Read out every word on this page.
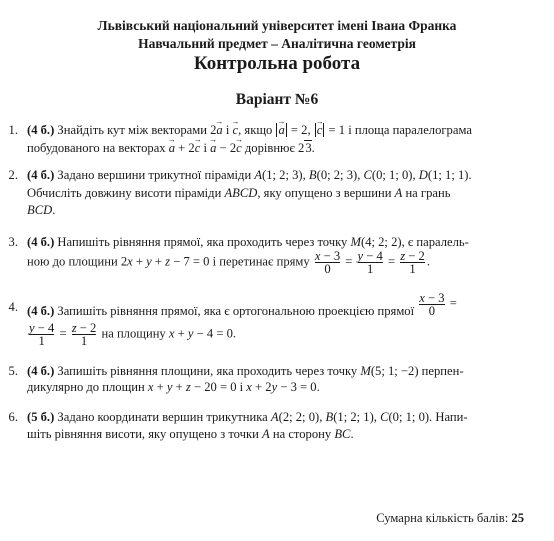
Львівський національний університет імені Івана Франка
Навчальний предмет – Аналітична геометрія
Контрольна робота
Варіант №6
1. (4 б.) Знайдіть кут між векторами 2→ a і → c, якщо → a = 2, → c = 1 і площа паралелограма
побудованого на векторах → a + 2→ c і → a − 2→ c дорівнює 23.
2. (4 б.) Задано вершини трикутної піраміди A(1; 2; 3), B(0; 2; 3), C(0; 1; 0), D(1; 1; 1).
Обчисліть довжину висоти піраміди ABCD, яку опущено з вершини A на грань
BCD.
3. (4 б.) Напишіть рівняння прямої, яка проходить через точку M(4; 2; 2), є паралель-
ною до площини 2x + y + z − 7 = 0 і перетинає пряму $\frac{x - 3}{0} = \frac{y - 4}{1} = \frac{z - 2}{1}$ .
4. (4 б.) Запишіть рівняння прямої, яка є ортогональною проекцією прямої $\frac{x - 3}{0}$ =
$\frac{y - 4}{1} = \frac{z - 2}{1}$ на площину x + y − 4 = 0.
5. (4 б.) Запишіть рівняння площини, яка проходить через точку M(5; 1; −2) перпен-
дикулярно до площин x + y + z − 20 = 0 і x + 2y − 3 = 0.
6. (5 б.) Задано координати вершин трикутника A(2; 2; 0), B(1; 2; 1), C(0; 1; 0). Напи-
шіть рівняння висоти, яку опущено з точки A на сторону BC.
Сумарна кількість балів: 25
